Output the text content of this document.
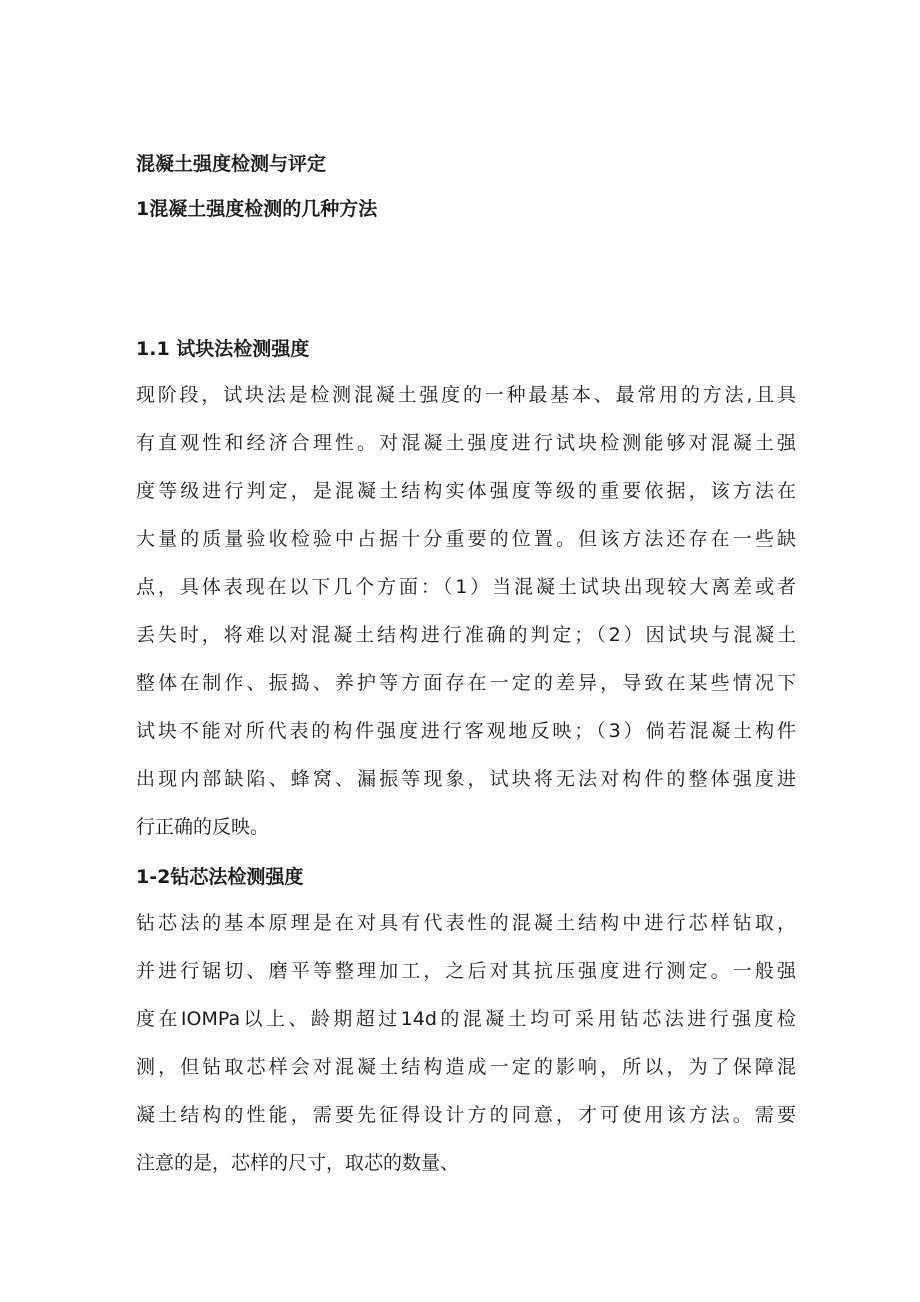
混凝土强度检测与评定
1混凝土强度检测的几种方法
1.1 试块法检测强度

现阶段，试块法是检测混凝土强度的一种最基本、最常用的方法,且具
有直观性和经济合理性。对混凝土强度进行试块检测能够对混凝土强
度等级进行判定，是混凝土结构实体强度等级的重要依据，该方法在
大量的质量验收检验中占据十分重要的位置。但该方法还存在一些缺
点，具体表现在以下几个方面：（1）当混凝土试块出现较大离差或者
丢失时，将难以对混凝土结构进行准确的判定；（2）因试块与混凝土
整体在制作、振捣、养护等方面存在一定的差异，导致在某些情况下
试块不能对所代表的构件强度进行客观地反映；（3）倘若混凝土构件
出现内部缺陷、蜂窝、漏振等现象，试块将无法对构件的整体强度进
行正确的反映。

1-2钻芯法检测强度

钻芯法的基本原理是在对具有代表性的混凝土结构中进行芯样钻取，
并进行锯切、磨平等整理加工，之后对其抗压强度进行测定。一般强
度在IOMPa以上、龄期超过14d的混凝土均可采用钻芯法进行强度检
测，但钻取芯样会对混凝土结构造成一定的影响，所以，为了保障混
凝土结构的性能，需要先征得设计方的同意，才可使用该方法。需要
注意的是，芯样的尺寸，取芯的数量、
